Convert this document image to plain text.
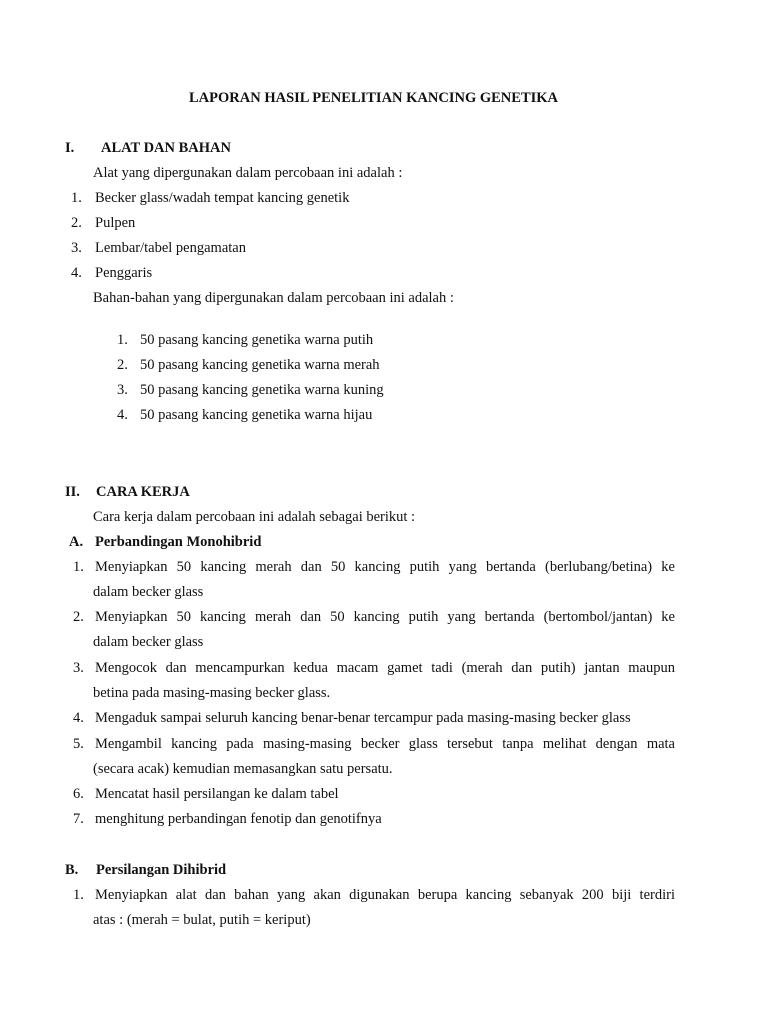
LAPORAN HASIL PENELITIAN KANCING GENETIKA
I. ALAT DAN BAHAN
Alat yang dipergunakan dalam percobaan ini adalah :
1. Becker glass/wadah tempat kancing genetik
2. Pulpen
3. Lembar/tabel pengamatan
4. Penggaris
Bahan-bahan yang dipergunakan dalam percobaan ini adalah :
1. 50 pasang kancing genetika warna putih
2. 50 pasang kancing genetika warna merah
3. 50 pasang kancing genetika warna kuning
4. 50 pasang kancing genetika warna hijau
II. CARA KERJA
Cara kerja dalam percobaan ini adalah sebagai berikut :
A. Perbandingan Monohibrid
1. Menyiapkan 50 kancing merah dan 50 kancing putih yang bertanda (berlubang/betina) ke
dalam becker glass
2. Menyiapkan 50 kancing merah dan 50 kancing putih yang bertanda (bertombol/jantan) ke
dalam becker glass
3. Mengocok dan mencampurkan kedua macam gamet tadi (merah dan putih) jantan maupun
betina pada masing-masing becker glass.
4. Mengaduk sampai seluruh kancing benar-benar tercampur pada masing-masing becker glass
5. Mengambil kancing pada masing-masing becker glass tersebut tanpa melihat dengan mata
(secara acak) kemudian memasangkan satu persatu.
6. Mencatat hasil persilangan ke dalam tabel
7. menghitung perbandingan fenotip dan genotifnya
B. Persilangan Dihibrid
1. Menyiapkan alat dan bahan yang akan digunakan berupa kancing sebanyak 200 biji terdiri
atas : (merah = bulat, putih = keriput)
